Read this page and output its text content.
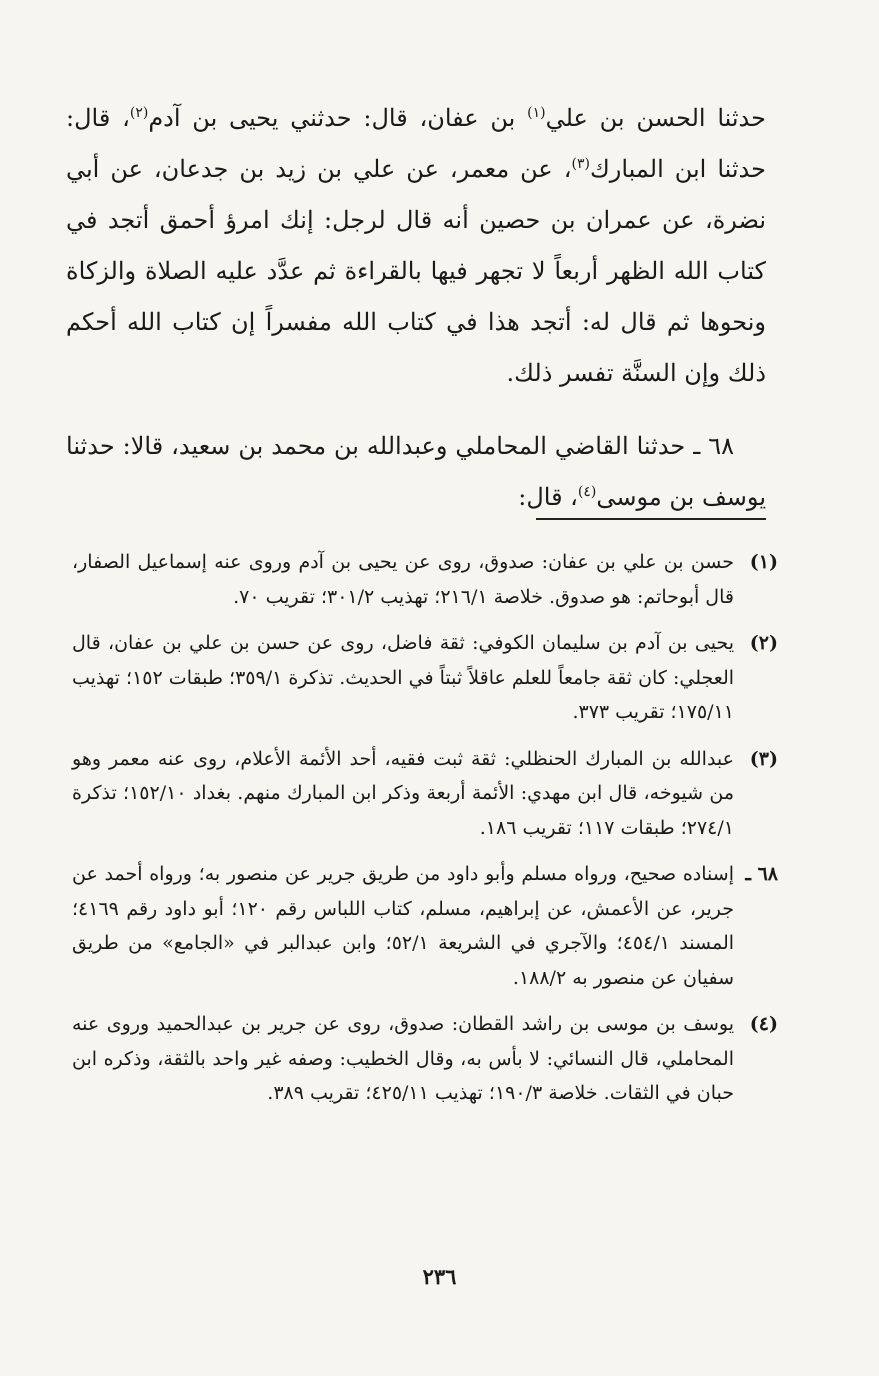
حدثنا الحسن بن علي$^{(١)}$ بن عفان، قال: حدثني يحيى بن آدم$^{(٢)}$، قال: حدثنا ابن المبارك$^{(٣)}$، عن معمر، عن علي بن زيد بن جدعان، عن أبي نضرة، عن عمران بن حصين أنه قال لرجل: إنك امرؤ أحمق أتجد في كتاب الله الظهر أربعاً لا تجهر فيها بالقراءة ثم عدَّد عليه الصلاة والزكاة ونحوها ثم قال له: أتجد هذا في كتاب الله مفسراً إن كتاب الله أحكم ذلك وإن السنَّة تفسر ذلك.

٦٨ ـ حدثنا القاضي المحاملي وعبدالله بن محمد بن سعيد، قالا: حدثنا يوسف بن موسى$^{(٤)}$، قال:

(١)
حسن بن علي بن عفان: صدوق، روى عن يحيى بن آدم وروى عنه إسماعيل الصفار، قال أبوحاتم: هو صدوق. خلاصة ٢١٦/١؛ تهذيب ٣٠١/٢؛ تقريب ٧٠.
(٢)
يحيى بن آدم بن سليمان الكوفي: ثقة فاضل، روى عن حسن بن علي بن عفان، قال العجلي: كان ثقة جامعاً للعلم عاقلاً ثبتاً في الحديث. تذكرة ٣٥٩/١؛ طبقات ١٥٢؛ تهذيب ١٧٥/١١؛ تقريب ٣٧٣.
(٣)
عبدالله بن المبارك الحنظلي: ثقة ثبت فقيه، أحد الأئمة الأعلام، روى عنه معمر وهو من شيوخه، قال ابن مهدي: الأئمة أربعة وذكر ابن المبارك منهم. بغداد ١٥٢/١٠؛ تذكرة ٢٧٤/١؛ طبقات ١١٧؛ تقريب ١٨٦.
٦٨ ـ
إسناده صحيح، ورواه مسلم وأبو داود من طريق جرير عن منصور به؛ ورواه أحمد عن جرير، عن الأعمش، عن إبراهيم، مسلم، كتاب اللباس رقم ١٢٠؛ أبو داود رقم ٤١٦٩؛ المسند ٤٥٤/١؛ والآجري في الشريعة ٥٢/١؛ وابن عبدالبر في «الجامع» من طريق سفيان عن منصور به ١٨٨/٢.
(٤)
يوسف بن موسى بن راشد القطان: صدوق، روى عن جرير بن عبدالحميد وروى عنه المحاملي، قال النسائي: لا بأس به، وقال الخطيب: وصفه غير واحد بالثقة، وذكره ابن حبان في الثقات. خلاصة ١٩٠/٣؛ تهذيب ٤٢٥/١١؛ تقريب ٣٨٩.
٢٣٦
